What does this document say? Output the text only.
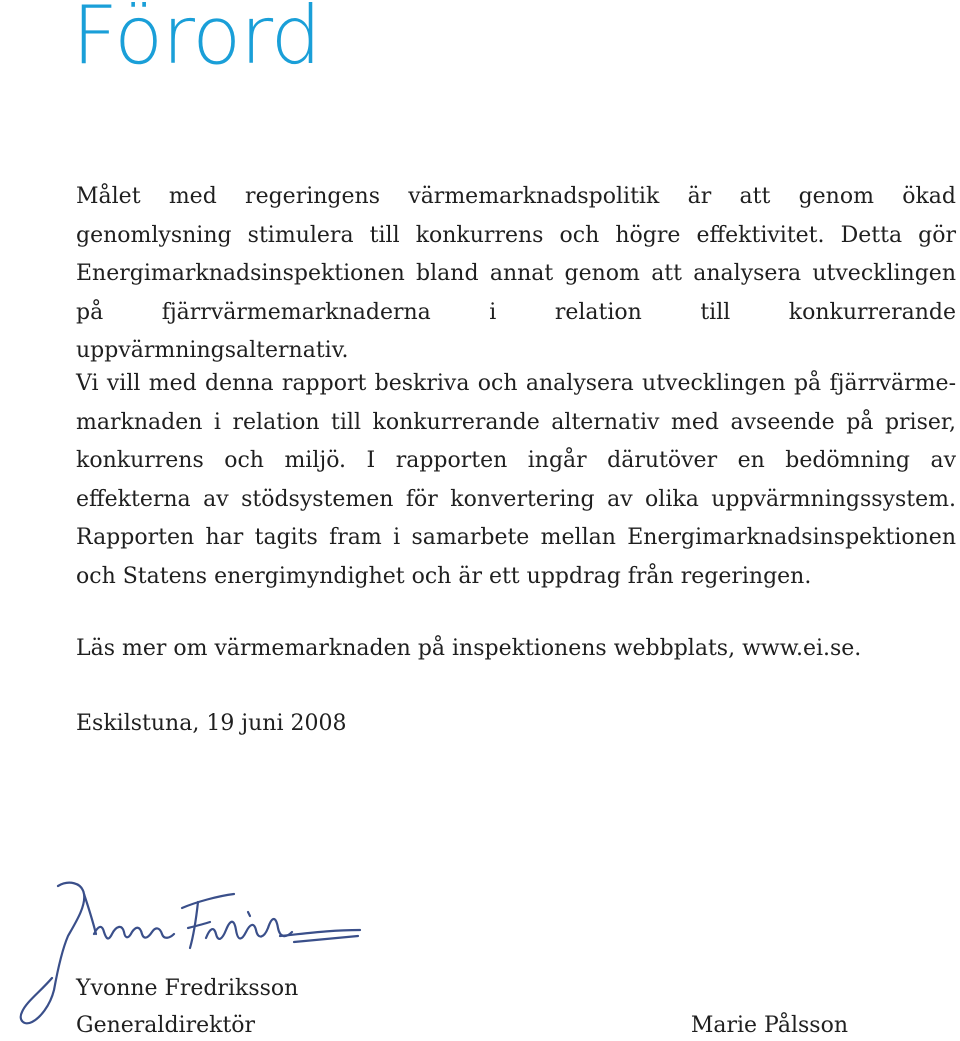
Förord

Målet med regeringens värmemarknadspolitik är att genom ökad genomlysning stimulera till konkurrens och högre effektivitet. Detta gör Energimarknadsinspektionen bland annat genom att analysera utvecklingen på fjärrvärmemarknaderna i relation till konkurrerande uppvärmningsalternativ.

Vi vill med denna rapport beskriva och analysera utvecklingen på fjärrvärmemarknaden i relation till konkurrerande alternativ med avseende på priser, konkurrens och miljö. I rapporten ingår därutöver en bedömning av effekterna av stödsystemen för konvertering av olika uppvärmningssystem. Rapporten har tagits fram i samarbete mellan Energimarknadsinspektionen och Statens energimyndighet och är ett uppdrag från regeringen.

Läs mer om värmemarknaden på inspektionens webbplats, www.ei.se.

Eskilstuna, 19 juni 2008

Yvonne Fredriksson

Generaldirektör	Marie Pålsson
